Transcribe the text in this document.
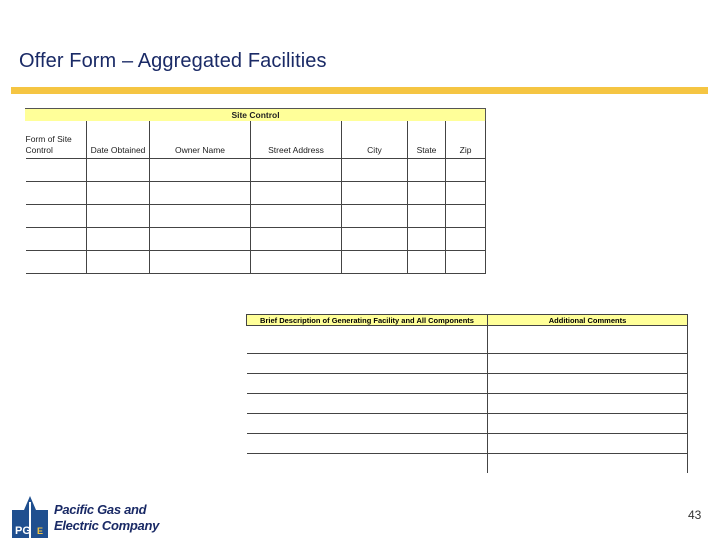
Offer Form – Aggregated Facilities
Site Control						
Form of Site Control	Date Obtained	Owner Name	Street Address	City	State	Zip

Brief Description of Generating Facility and All Components	Additional Comments

PG E
Pacific Gas and
Electric Company
43
